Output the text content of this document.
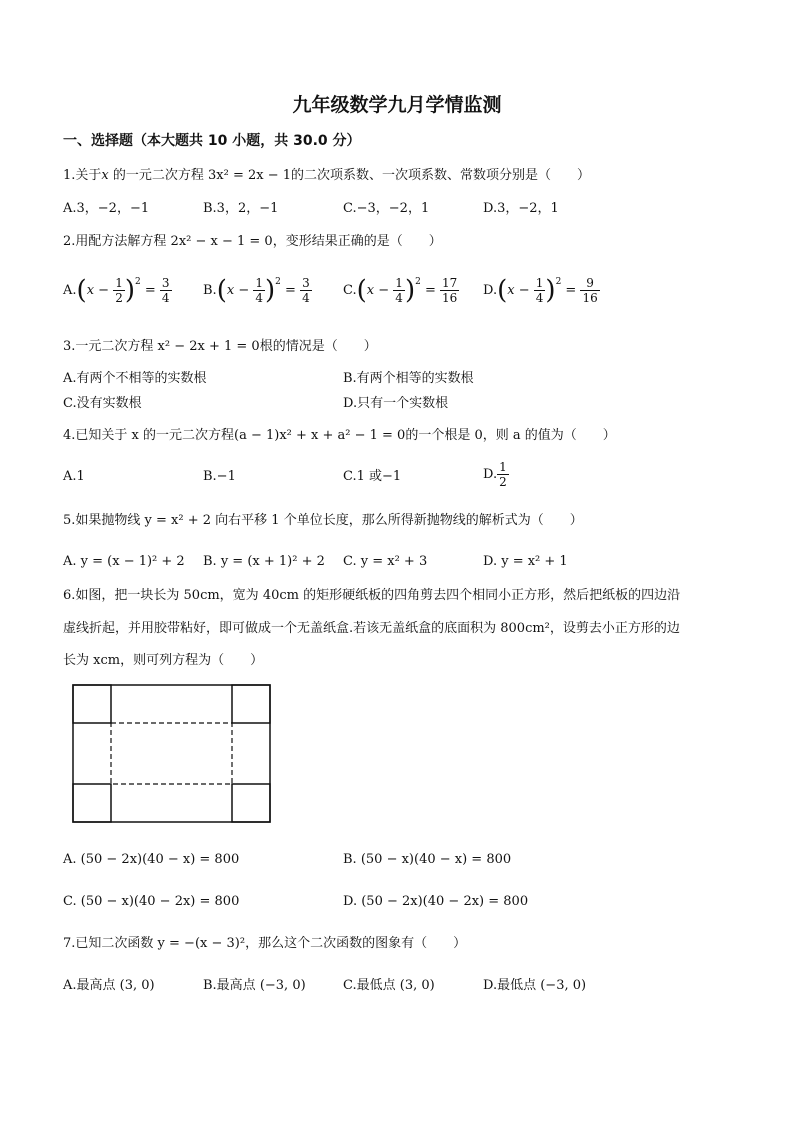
九年级数学九月学情监测
一、选择题（本大题共 10 小题，共 30.0 分）
1.关于x 的一元二次方程 3x² = 2x − 1的二次项系数、一次项系数、常数项分别是（　　）
A.3，−2，−1	B.3，2，−1	C.−3，−2，1	D.3，−2，1
2.用配方法解方程 2x² − x − 1 = 0，变形结果正确的是（　　）
$A.(x - \frac{1}{2} )^2 = \frac{3}{4} B.(x - \frac{1}{4} )^2 = \frac{3}{4} C.(x - \frac{1}{4} )^2 = \frac{17}{16} D.(x - \frac{1}{4} )^2 = \frac{9}{16}$
3.一元二次方程 x² − 2x + 1 = 0根的情况是（　　）
A.有两个不相等的实数根	B.有两个相等的实数根
C.没有实数根	D.只有一个实数根
4.已知关于 x 的一元二次方程(a − 1)x² + x + a² − 1 = 0的一个根是 0，则 a 的值为（　　）
A.1	B.−1	C.1 或−1	D. $\frac{1}{2}$
5.如果抛物线 y = x² + 2 向右平移 1 个单位长度，那么所得新抛物线的解析式为（　　）
A. y = (x − 1)² + 2 B. y = (x + 1)² + 2 C. y = x² + 3	D. y = x² + 1
6.如图，把一块长为 50cm，宽为 40cm 的矩形硬纸板的四角剪去四个相同小正方形，然后把纸板的四边沿
虚线折起，并用胶带粘好，即可做成一个无盖纸盒.若该无盖纸盒的底面积为 800cm²，设剪去小正方形的边
长为 xcm，则可列方程为（　　）
A. (50 − 2x)(40 − x) = 800	B. (50 − x)(40 − x) = 800
C. (50 − x)(40 − 2x) = 800	D. (50 − 2x)(40 − 2x) = 800
7.已知二次函数 y = −(x − 3)²，那么这个二次函数的图象有（　　）
A.最高点 (3, 0)	B.最高点 (−3, 0)	C.最低点 (3, 0)	D.最低点 (−3, 0)
